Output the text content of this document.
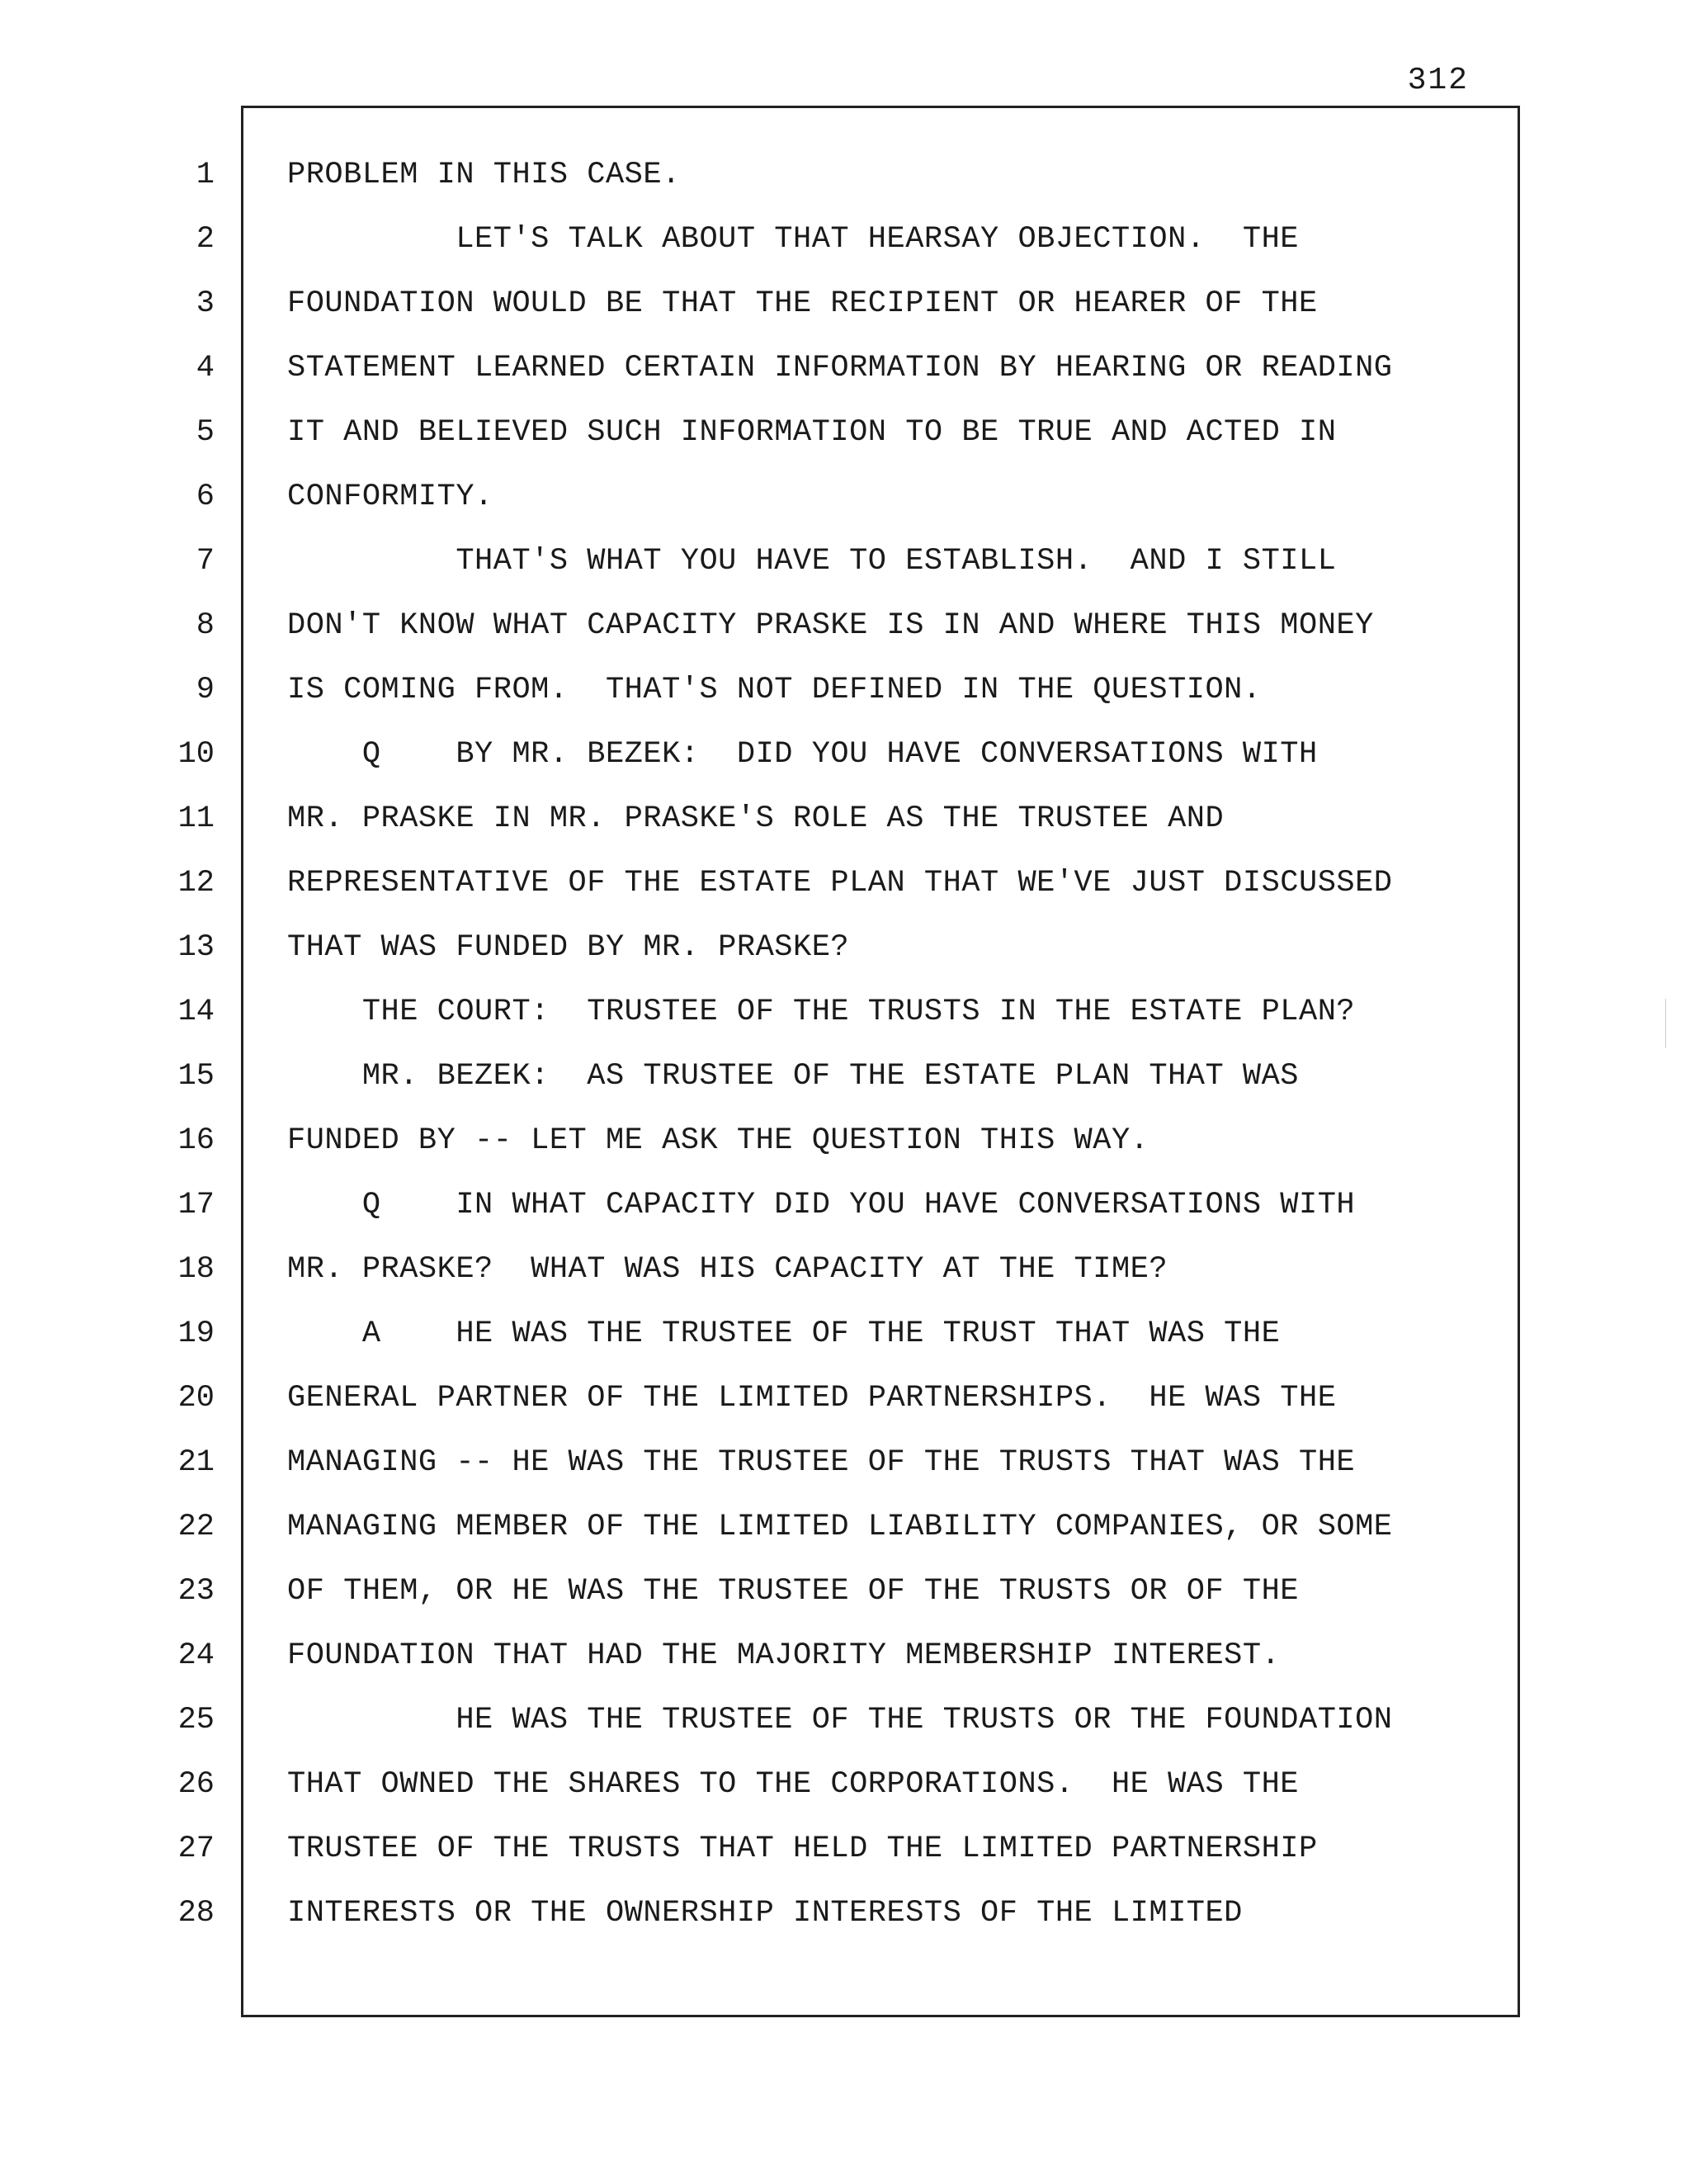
312
1
2
3
4
5
6
7
8
9
10
11
12
13
14
15
16
17
18
19
20
21
22
23
24
25
26
27
28
PROBLEM IN THIS CASE.
LET'S TALK ABOUT THAT HEARSAY OBJECTION.  THE
FOUNDATION WOULD BE THAT THE RECIPIENT OR HEARER OF THE
STATEMENT LEARNED CERTAIN INFORMATION BY HEARING OR READING
IT AND BELIEVED SUCH INFORMATION TO BE TRUE AND ACTED IN
CONFORMITY.
THAT'S WHAT YOU HAVE TO ESTABLISH.  AND I STILL
DON'T KNOW WHAT CAPACITY PRASKE IS IN AND WHERE THIS MONEY
IS COMING FROM.  THAT'S NOT DEFINED IN THE QUESTION.
Q    BY MR. BEZEK:  DID YOU HAVE CONVERSATIONS WITH
MR. PRASKE IN MR. PRASKE'S ROLE AS THE TRUSTEE AND
REPRESENTATIVE OF THE ESTATE PLAN THAT WE'VE JUST DISCUSSED
THAT WAS FUNDED BY MR. PRASKE?
THE COURT:  TRUSTEE OF THE TRUSTS IN THE ESTATE PLAN?
MR. BEZEK:  AS TRUSTEE OF THE ESTATE PLAN THAT WAS
FUNDED BY -- LET ME ASK THE QUESTION THIS WAY.
Q    IN WHAT CAPACITY DID YOU HAVE CONVERSATIONS WITH
MR. PRASKE?  WHAT WAS HIS CAPACITY AT THE TIME?
A    HE WAS THE TRUSTEE OF THE TRUST THAT WAS THE
GENERAL PARTNER OF THE LIMITED PARTNERSHIPS.  HE WAS THE
MANAGING -- HE WAS THE TRUSTEE OF THE TRUSTS THAT WAS THE
MANAGING MEMBER OF THE LIMITED LIABILITY COMPANIES, OR SOME
OF THEM, OR HE WAS THE TRUSTEE OF THE TRUSTS OR OF THE
FOUNDATION THAT HAD THE MAJORITY MEMBERSHIP INTEREST.
HE WAS THE TRUSTEE OF THE TRUSTS OR THE FOUNDATION
THAT OWNED THE SHARES TO THE CORPORATIONS.  HE WAS THE
TRUSTEE OF THE TRUSTS THAT HELD THE LIMITED PARTNERSHIP
INTERESTS OR THE OWNERSHIP INTERESTS OF THE LIMITED
